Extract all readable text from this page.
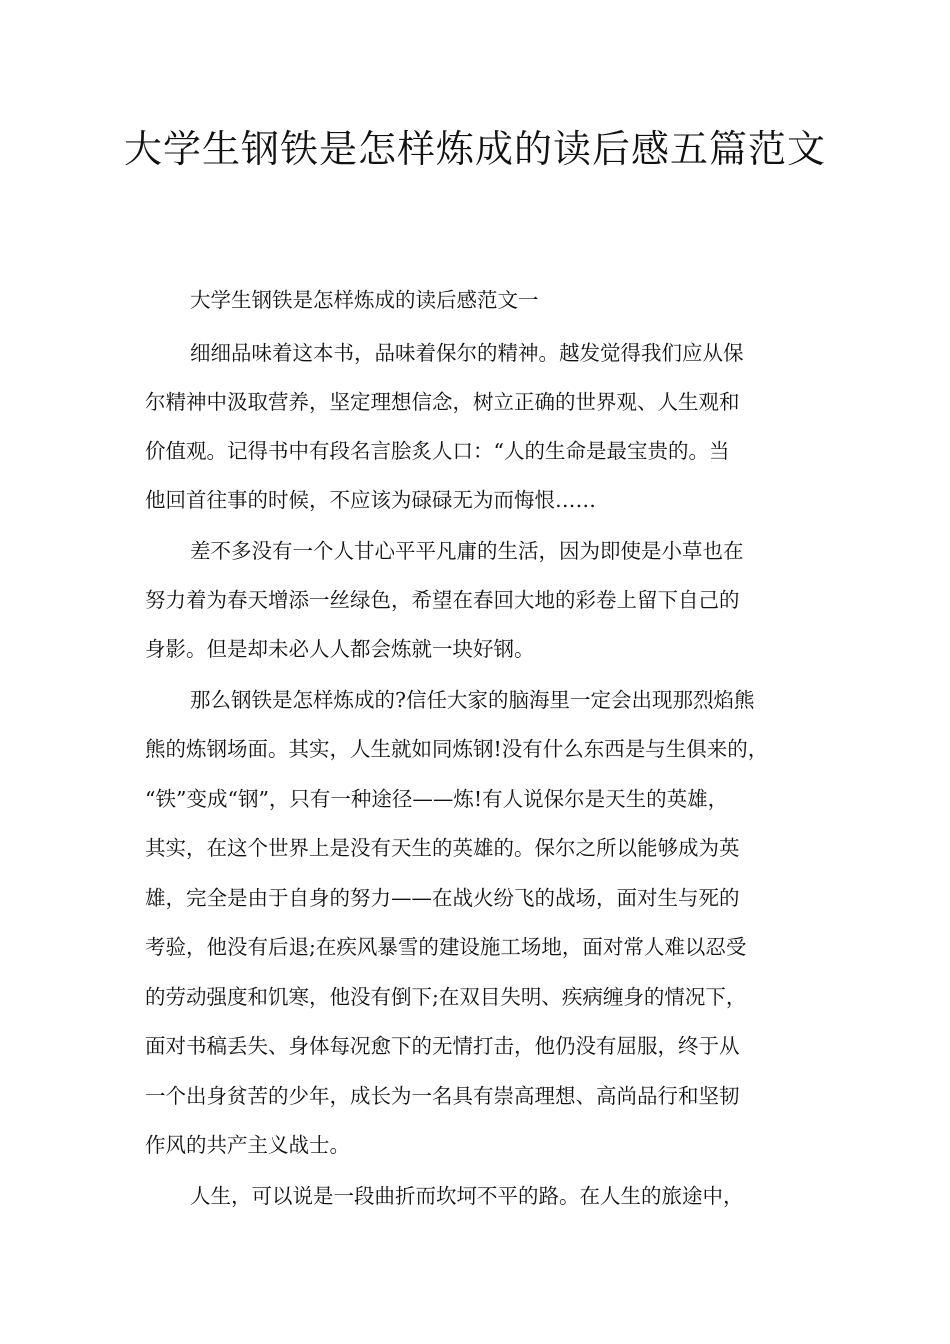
大学生钢铁是怎样炼成的读后感五篇范文

大学生钢铁是怎样炼成的读后感范文一

细细品味着这本书，品味着保尔的精神。越发觉得我们应从保

尔精神中汲取营养，坚定理想信念，树立正确的世界观、人生观和

价值观。记得书中有段名言脍炙人口：“人的生命是最宝贵的。当

他回首往事的时候，不应该为碌碌无为而悔恨……

差不多没有一个人甘心平平凡庸的生活，因为即使是小草也在

努力着为春天增添一丝绿色，希望在春回大地的彩卷上留下自己的

身影。但是却未必人人都会炼就一块好钢。

那么钢铁是怎样炼成的?信任大家的脑海里一定会出现那烈焰熊

熊的炼钢场面。其实，人生就如同炼钢!没有什么东西是与生俱来的，

“铁”变成“钢”，只有一种途径——炼!有人说保尔是天生的英雄，

其实，在这个世界上是没有天生的英雄的。保尔之所以能够成为英

雄，完全是由于自身的努力——在战火纷飞的战场，面对生与死的

考验，他没有后退;在疾风暴雪的建设施工场地，面对常人难以忍受

的劳动强度和饥寒，他没有倒下;在双目失明、疾病缠身的情况下，

面对书稿丢失、身体每况愈下的无情打击，他仍没有屈服，终于从

一个出身贫苦的少年，成长为一名具有崇高理想、高尚品行和坚韧

作风的共产主义战士。

人生，可以说是一段曲折而坎坷不平的路。在人生的旅途中，
